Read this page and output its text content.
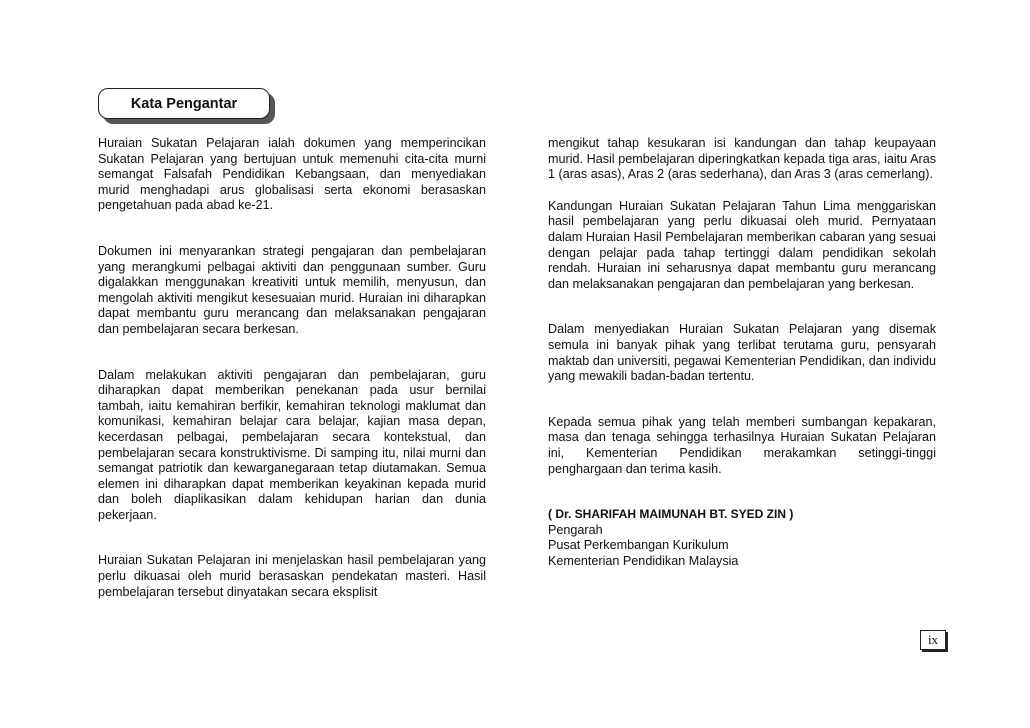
Kata Pengantar

Huraian Sukatan Pelajaran ialah dokumen yang memperincikan Sukatan Pelajaran yang bertujuan untuk memenuhi cita-cita murni semangat Falsafah Pendidikan Kebangsaan, dan menyediakan murid menghadapi arus globalisasi serta ekonomi berasaskan pengetahuan pada abad ke-21.

Dokumen ini menyarankan strategi pengajaran dan pembelajaran yang merangkumi pelbagai aktiviti dan penggunaan sumber. Guru digalakkan menggunakan kreativiti untuk memilih, menyusun, dan mengolah aktiviti mengikut kesesuaian murid. Huraian ini diharapkan dapat membantu guru merancang dan melaksanakan pengajaran dan pembelajaran secara berkesan.

Dalam melakukan aktiviti pengajaran dan pembelajaran, guru diharapkan dapat memberikan penekanan pada usur bernilai tambah, iaitu kemahiran berfikir, kemahiran teknologi maklumat dan komunikasi, kemahiran belajar cara belajar, kajian masa depan, kecerdasan pelbagai, pembelajaran secara kontekstual, dan pembelajaran secara konstruktivisme. Di samping itu, nilai murni dan semangat patriotik dan kewarganegaraan tetap diutamakan. Semua elemen ini diharapkan dapat memberikan keyakinan kepada murid dan boleh diaplikasikan dalam kehidupan harian dan dunia pekerjaan.

Huraian Sukatan Pelajaran ini menjelaskan hasil pembelajaran yang perlu dikuasai oleh murid berasaskan pendekatan masteri. Hasil pembelajaran tersebut dinyatakan secara eksplisit

mengikut tahap kesukaran isi kandungan dan tahap keupayaan murid. Hasil pembelajaran diperingkatkan kepada tiga aras, iaitu Aras 1 (aras asas), Aras 2 (aras sederhana), dan Aras 3 (aras cemerlang).

Kandungan Huraian Sukatan Pelajaran Tahun Lima menggariskan hasil pembelajaran yang perlu dikuasai oleh murid. Pernyataan dalam Huraian Hasil Pembelajaran memberikan cabaran yang sesuai dengan pelajar pada tahap tertinggi dalam pendidikan sekolah rendah. Huraian ini seharusnya dapat membantu guru merancang dan melaksanakan pengajaran dan pembelajaran yang berkesan.

Dalam menyediakan Huraian Sukatan Pelajaran yang disemak semula ini banyak pihak yang terlibat terutama guru, pensyarah maktab dan universiti, pegawai Kementerian Pendidikan, dan individu yang mewakili badan-badan tertentu.

Kepada semua pihak yang telah memberi sumbangan kepakaran, masa dan tenaga sehingga terhasilnya Huraian Sukatan Pelajaran ini, Kementerian Pendidikan merakamkan setinggi-tinggi penghargaan dan terima kasih.

( Dr. SHARIFAH MAIMUNAH BT. SYED ZIN )

Pengarah

Pusat Perkembangan Kurikulum

Kementerian Pendidikan Malaysia

ix
